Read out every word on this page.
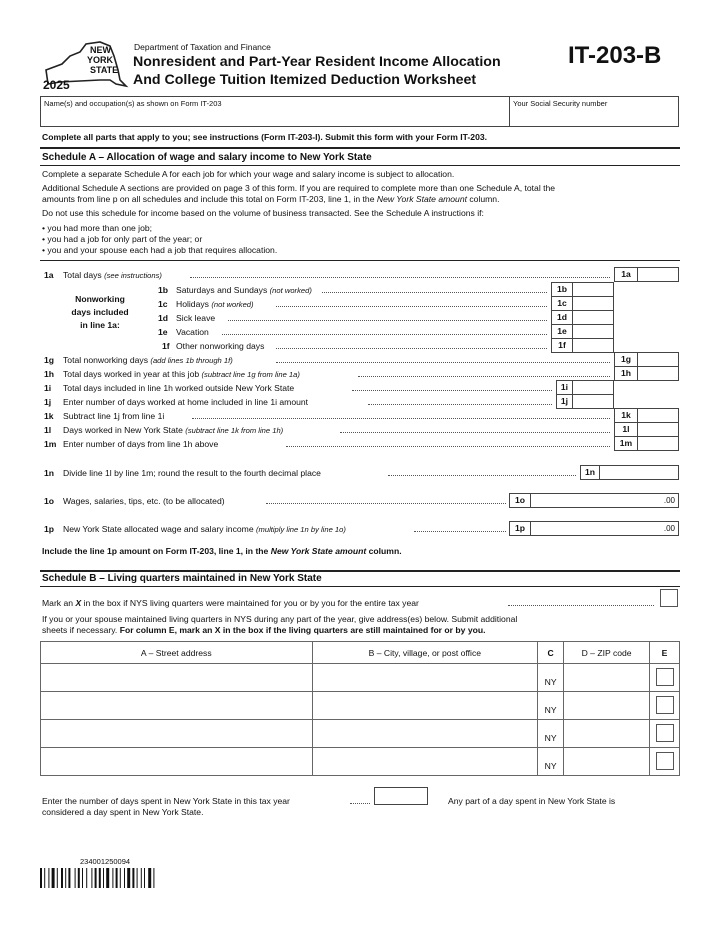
NEW
YORK
STATE
2025
Department of Taxation and Finance
Nonresident and Part-Year Resident Income Allocation
And College Tuition Itemized Deduction Worksheet
IT-203-B
Name(s) and occupation(s) as shown on Form IT-203	Your Social Security number
Complete all parts that apply to you; see instructions (Form IT-203-I). Submit this form with your Form IT-203.
Schedule A – Allocation of wage and salary income to New York State
Complete a separate Schedule A for each job for which your wage and salary income is subject to allocation.
Additional Schedule A sections are provided on page 3 of this form. If you are required to complete more than one Schedule A, total the
amounts from line p on all schedules and include this total on Form IT-203, line 1, in the New York State amount column.
Do not use this schedule for income based on the volume of business transacted. See the Schedule A instructions if:
• you had more than one job;
• you had a job for only part of the year; or
• you and your spouse each had a job that requires allocation.
Nonworking
days included
in line 1a:
1a Total days (see instructions)	1a
1b Saturdays and Sundays (not worked)	1b
1c Holidays (not worked)	1c
1d Sick leave	1d
1e Vacation	1e
1f Other nonworking days	1f
1g Total nonworking days (add lines 1b through 1f)	1g
1h Total days worked in year at this job (subtract line 1g from line 1a)	1h
1i Total days included in line 1h worked outside New York State	1i
1j Enter number of days worked at home included in line 1i amount	1j
1k Subtract line 1j from line 1i	1k
1l Days worked in New York State (subtract line 1k from line 1h)	1l
1m Enter number of days from line 1h above	1m
1n Divide line 1l by line 1m; round the result to the fourth decimal place	1n
1o Wages, salaries, tips, etc. (to be allocated)	1o	.00
1p New York State allocated wage and salary income (multiply line 1n by line 1o)	1p	.00
Include the line 1p amount on Form IT-203, line 1, in the New York State amount column.
Schedule B – Living quarters maintained in New York State
Mark an X in the box if NYS living quarters were maintained for you or by you for the entire tax year
If you or your spouse maintained living quarters in NYS during any part of the year, give address(es) below. Submit additional
sheets if necessary. For column E, mark an X in the box if the living quarters are still maintained for or by you.
A – Street address	B – City, village, or post office	C	D – ZIP code	E
		NY		

		NY		

		NY		

		NY		
Enter the number of days spent in New York State in this tax year	Any part of a day spent in New York State is
considered a day spent in New York State.
234001250094
